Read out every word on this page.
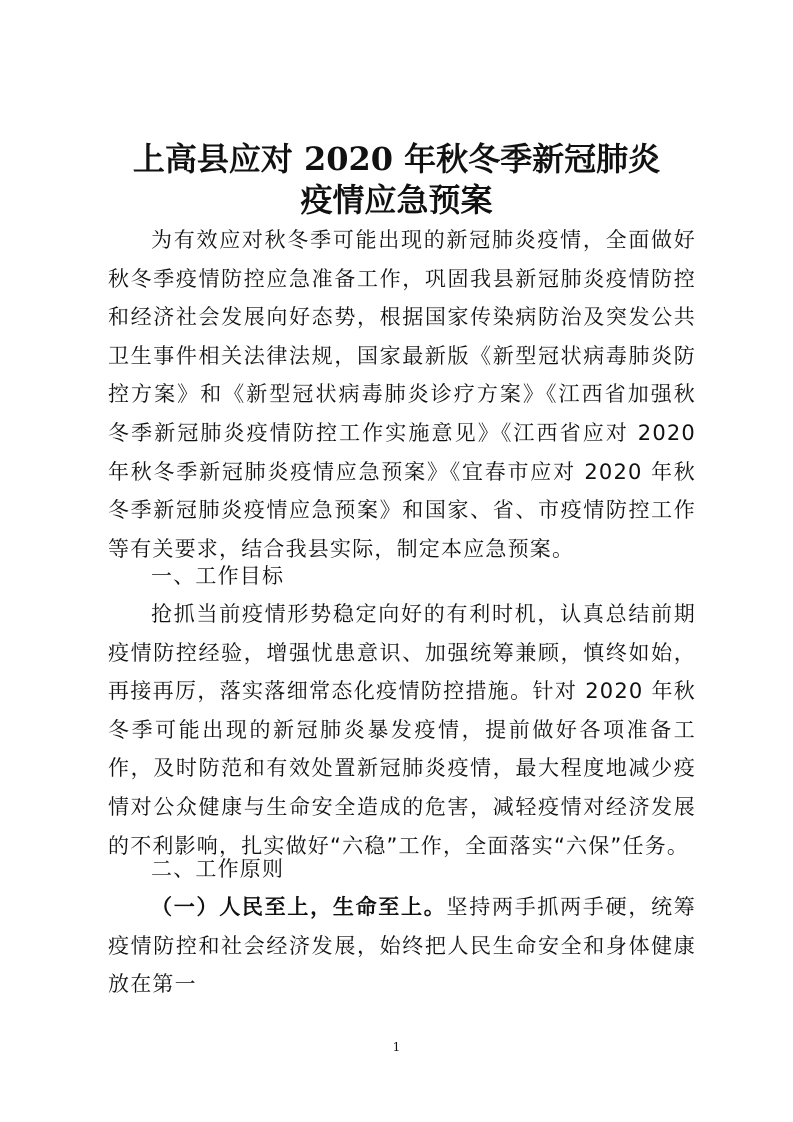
上高县应对 2020 年秋冬季新冠肺炎
疫情应急预案

为有效应对秋冬季可能出现的新冠肺炎疫情，全面做好秋冬季疫情防控应急准备工作，巩固我县新冠肺炎疫情防控和经济社会发展向好态势，根据国家传染病防治及突发公共卫生事件相关法律法规，国家最新版《新型冠状病毒肺炎防控方案》和《新型冠状病毒肺炎诊疗方案》《江西省加强秋冬季新冠肺炎疫情防控工作实施意见》《江西省应对 2020 年秋冬季新冠肺炎疫情应急预案》《宜春市应对 2020 年秋冬季新冠肺炎疫情应急预案》和国家、省、市疫情防控工作等有关要求，结合我县实际，制定本应急预案。

一、工作目标

抢抓当前疫情形势稳定向好的有利时机，认真总结前期疫情防控经验，增强忧患意识、加强统筹兼顾，慎终如始，再接再厉，落实落细常态化疫情防控措施。针对 2020 年秋冬季可能出现的新冠肺炎暴发疫情，提前做好各项准备工作，及时防范和有效处置新冠肺炎疫情，最大程度地减少疫情对公众健康与生命安全造成的危害，减轻疫情对经济发展的不利影响，扎实做好“六稳”工作，全面落实“六保”任务。

二、工作原则

（一）人民至上，生命至上。坚持两手抓两手硬，统筹疫情防控和社会经济发展，始终把人民生命安全和身体健康放在第一

1
